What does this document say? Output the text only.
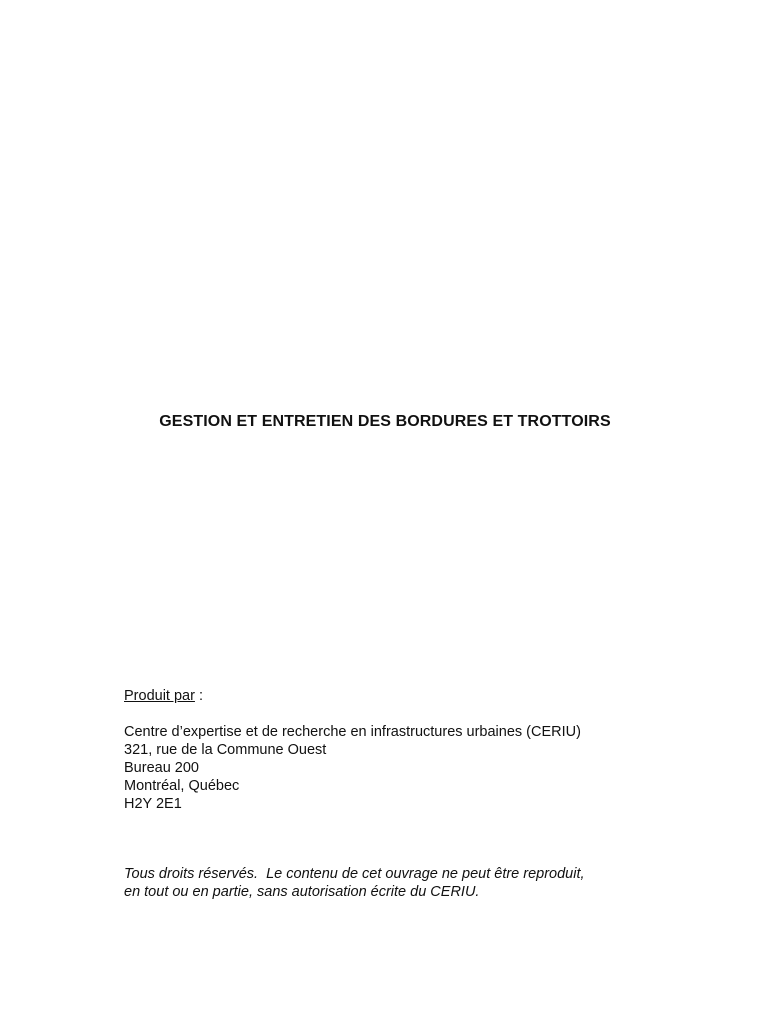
GESTION ET ENTRETIEN DES BORDURES ET TROTTOIRS

Produit par :

Centre d’expertise et de recherche en infrastructures urbaines (CERIU)
321, rue de la Commune Ouest
Bureau 200
Montréal, Québec
H2Y 2E1
Tous droits réservés.  Le contenu de cet ouvrage ne peut être reproduit,
en tout ou en partie, sans autorisation écrite du CERIU.
